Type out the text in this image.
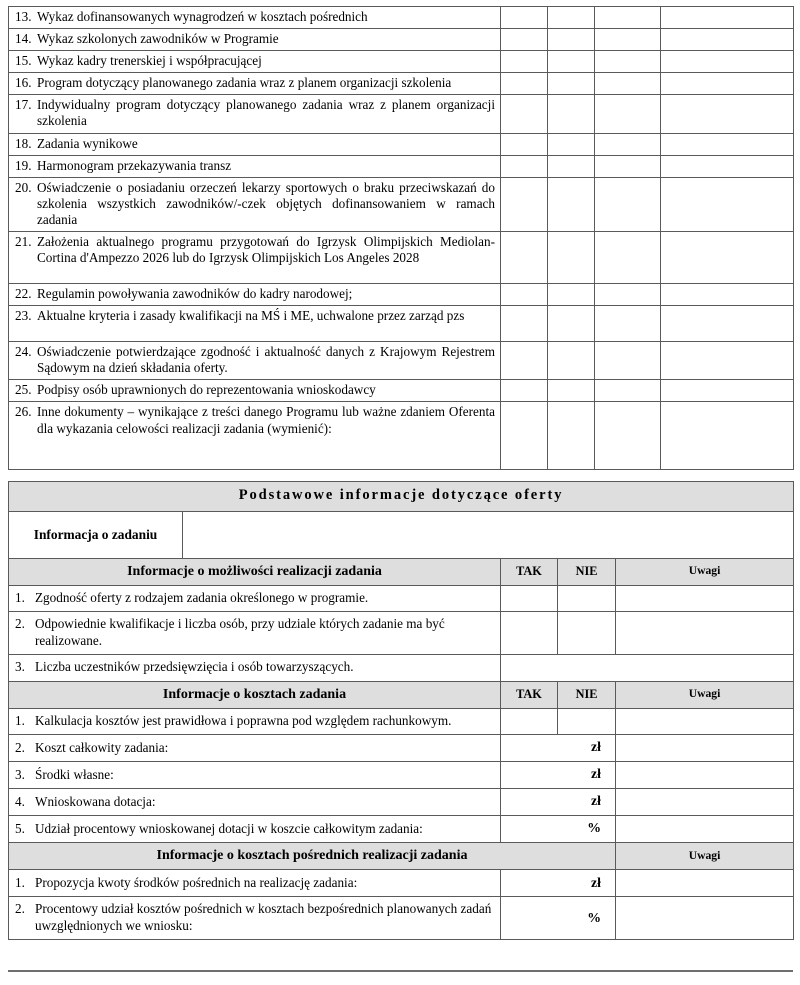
13. Wykaz dofinansowanych wynagrodzeń w kosztach pośrednich				

14. Wykaz szkolonych zawodników w Programie				

15. Wykaz kadry trenerskiej i współpracującej				

16. Program dotyczący planowanego zadania wraz z planem organizacji szkolenia				

17. Indywidualny program dotyczący planowanego zadania wraz z planem organizacji szkolenia				

18. Zadania wynikowe				

19. Harmonogram przekazywania transz				

20. Oświadczenie o posiadaniu orzeczeń lekarzy sportowych o braku przeciwskazań do szkolenia wszystkich zawodników/-czek objętych dofinansowaniem w ramach zadania				

21. Założenia aktualnego programu przygotowań do Igrzysk Olimpijskich Mediolan-Cortina d'Ampezzo 2026 lub do Igrzysk Olimpijskich Los Angeles 2028				

22. Regulamin powoływania zawodników do kadry narodowej;				

23. Aktualne kryteria i zasady kwalifikacji na MŚ i ME, uchwalone przez zarząd pzs				

24. Oświadczenie potwierdzające zgodność i aktualność danych z Krajowym Rejestrem Sądowym na dzień składania oferty.				

25. Podpisy osób uprawnionych do reprezentowania wnioskodawcy				

26. Inne dokumenty – wynikające z treści danego Programu lub ważne zdaniem Oferenta dla wykazania celowości realizacji zadania (wymienić):				

Podstawowe informacje dotyczące oferty				
Informacja o zadaniu				
Informacje o możliwości realizacji zadania		TAK	NIE	Uwagi

1. Zgodność oferty z rodzajem zadania określonego w programie.				

2. Odpowiednie kwalifikacje i liczba osób, przy udziale których zadanie ma być realizowane.				

3. Liczba uczestników przedsięwzięcia i osób towarzyszących.				

Informacje o kosztach zadania		TAK	NIE	Uwagi

1. Kalkulacja kosztów jest prawidłowa i poprawna pod względem rachunkowym.				

2. Koszt całkowity zadania:		zł		

3. Środki własne:		zł		

4. Wnioskowana dotacja:		zł		

5. Udział procentowy wnioskowanej dotacji w koszcie całkowitym zadania:		%		
Informacje o kosztach pośrednich realizacji zadania				Uwagi

1. Propozycja kwoty środków pośrednich na realizację zadania:		zł		

2. Procentowy udział kosztów pośrednich w kosztach bezpośrednich planowanych zadań uwzględnionych we wniosku:		%		
